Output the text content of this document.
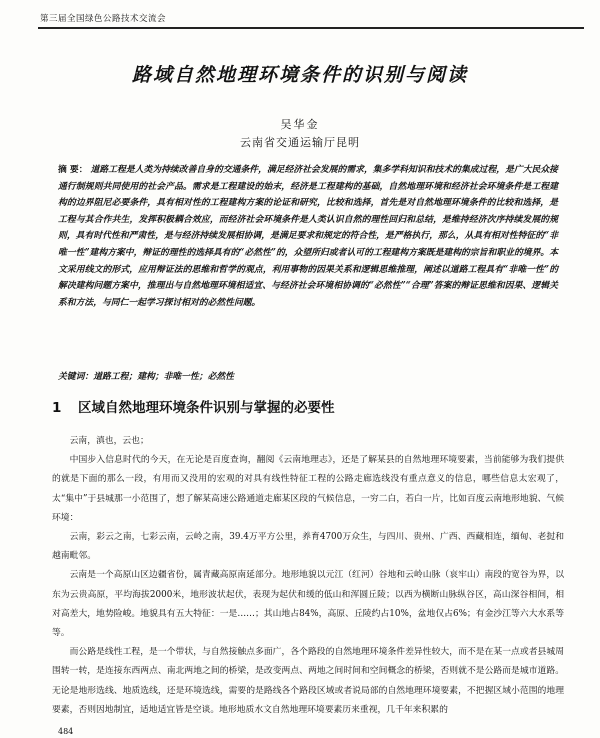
第三届全国绿色公路技术交流会
路域自然地理环境条件的识别与阅读
吴华金
云南省交通运输厅昆明
摘 要： 道路工程是人类为持续改善自身的交通条件，满足经济社会发展的需求，集多学科知识和技术的集成过程，是广大民众接通行制规则共同使用的社会产品。需求是工程建设的始末，经济是工程建构的基础，自然地理环境和经济社会环境条件是工程建构的边界阻尼必要条件，具有相对性的工程建构方案的论证和研究，比较和选择，首先是对自然地理环境条件的比较和选择，是工程与其合作共生，发挥积极耦合效应，而经济社会环境条件是人类认识自然的理性回归和总结，是维持经济次序持续发展的规则，具有时代性和严肃性，是与经济持续发展相协调，是满足要求和规定的符合性，是严格执行，那么，从具有相对性特征的“非唯一性”建构方案中，辩证的理性的选择具有的“必然性”的，众望所归或者认可的工程建构方案既是建构的宗旨和职业的境界。本文采用线文的形式，应用辩证法的思维和哲学的观点，利用事物的因果关系和逻辑思维推理，阐述以道路工程具有“非唯一性”的解决建构问题方案中，推理出与自然地理环境相适宜、与经济社会环境相协调的“必然性”“合理”答案的辩证思维和因果、逻辑关系和方法，与同仁一起学习探讨相对的必然性问题。
关键词：道路工程；建构；非唯一性；必然性
1 区域自然地理环境条件识别与掌握的必要性

云南，滇也，云也；

中国步入信息时代的今天，在无论是百度查询，翻阅《云南地理志》，还是了解某县的自然地理环境要素，当前能够为我们提供的就是下面的那么一段，有用而又没用的宏观的对具有线性特征工程的公路走廊选线没有重点意义的信息，哪些信息太宏观了，太“集中”于县城那一小范围了，想了解某高速公路通道走廊某区段的气候信息，一穷二白，若白一片，比如百度云南地形地貌、气候环境：

云南，彩云之南，七彩云南，云岭之南，39.4万平方公里，养育4700万众生，与四川、贵州、广西、西藏相连，缅甸、老挝和越南毗邻。

云南是一个高原山区边疆省份，属青藏高原南延部分。地形地貌以元江（红河）谷地和云岭山脉（哀牢山）南段的宽谷为界，以东为云贵高原，平均海拔2000米，地形波状起伏，表现为起伏和缓的低山和浑圆丘陵；以西为横断山脉纵谷区，高山深谷相间，相对高差大，地势险峻。地貌具有五大特征：一是……；其山地占84%，高原、丘陵约占10%，盆地仅占6%；有金沙江等六大水系等等。

而公路是线性工程，是一个带状，与自然接触点多面广，各个路段的自然地理环境条件差异性较大，而不是在某一点或者县城周围转一转，是连接东西两点、南北两地之间的桥梁，是改变两点、两地之间时间和空间概念的桥梁，否则就不是公路而是城市道路。无论是地形选线、地质选线，还是环境选线，需要的是路线各个路段区域或者说局部的自然地理环境要素，不把握区域小范围的地理要素，否则因地制宜，适地适宜皆是空谈。地形地质水文自然地理环境要素历来重视，几千年来积累的

484
